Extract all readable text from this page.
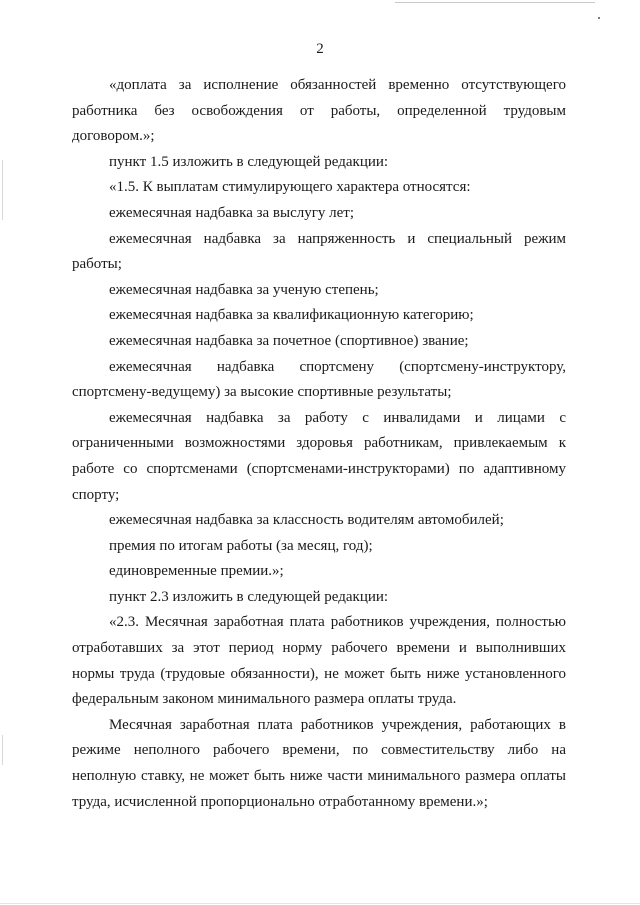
2

«доплата за исполнение обязанностей временно отсутствующего работника без освобождения от работы, определенной трудовым договором.»;

пункт 1.5 изложить в следующей редакции:

«1.5. К выплатам стимулирующего характера относятся:

ежемесячная надбавка за выслугу лет;

ежемесячная надбавка за напряженность и специальный режим работы;

ежемесячная надбавка за ученую степень;

ежемесячная надбавка за квалификационную категорию;

ежемесячная надбавка за почетное (спортивное) звание;

ежемесячная надбавка спортсмену (спортсмену-инструктору, спортсмену-ведущему) за высокие спортивные результаты;

ежемесячная надбавка за работу с инвалидами и лицами с ограниченными возможностями здоровья работникам, привлекаемым к работе со спортсменами (спортсменами-инструкторами) по адаптивному спорту;

ежемесячная надбавка за классность водителям автомобилей;

премия по итогам работы (за месяц, год);

единовременные премии.»;

пункт 2.3 изложить в следующей редакции:

«2.3. Месячная заработная плата работников учреждения, полностью отработавших за этот период норму рабочего времени и выполнивших нормы труда (трудовые обязанности), не может быть ниже установленного федеральным законом минимального размера оплаты труда.

Месячная заработная плата работников учреждения, работающих в режиме неполного рабочего времени, по совместительству либо на неполную ставку, не может быть ниже части минимального размера оплаты труда, исчисленной пропорционально отработанному времени.»;
